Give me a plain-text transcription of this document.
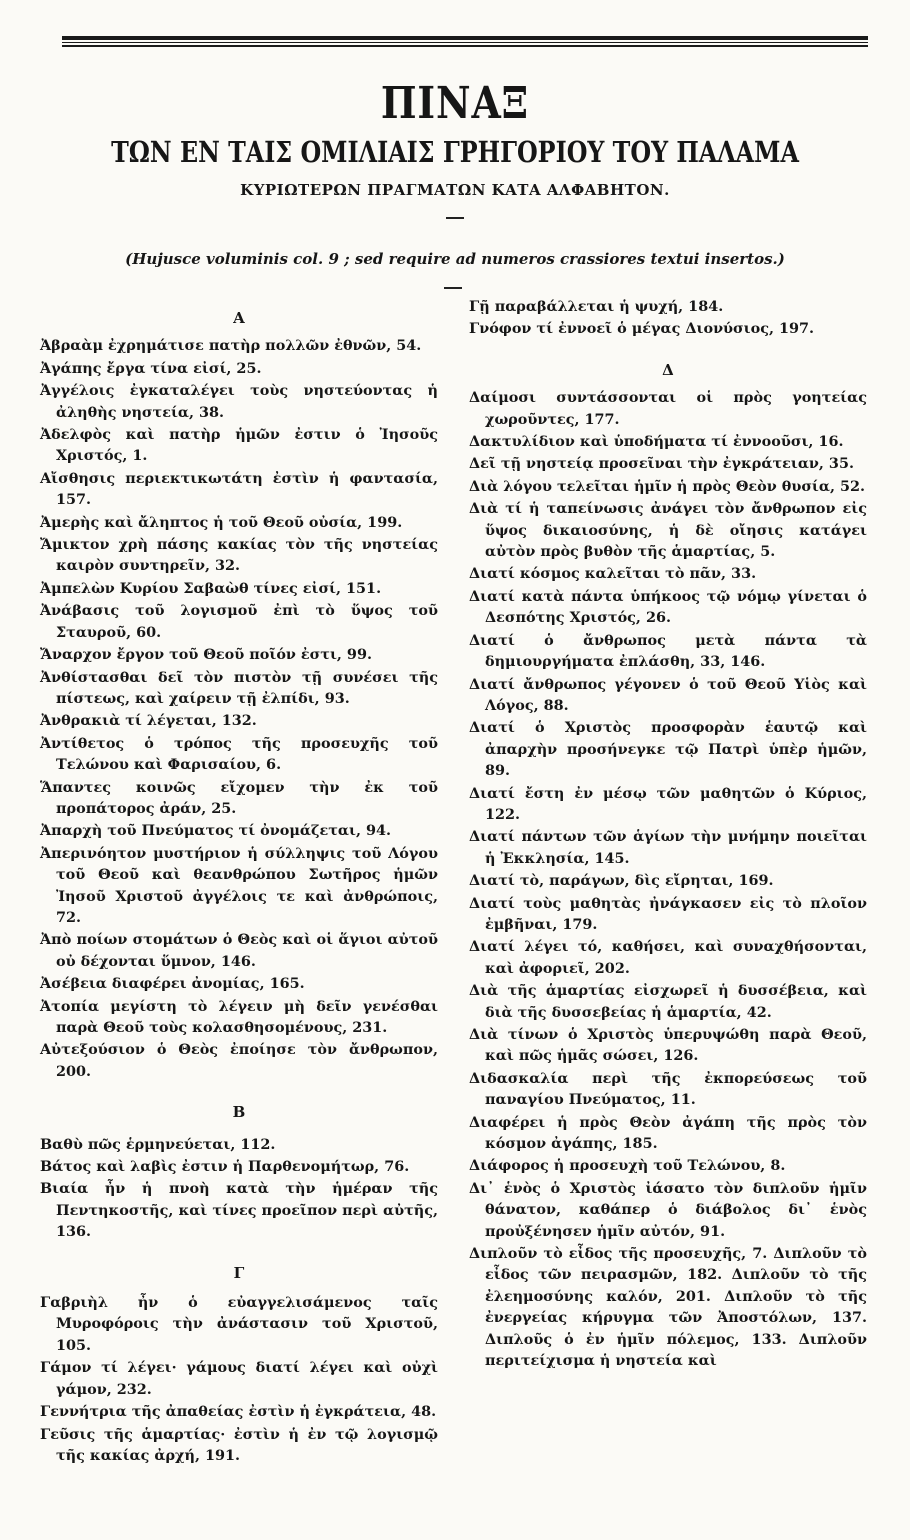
ΠΙΝΑΞ
ΤΩΝ ΕΝ ΤΑΙΣ ΟΜΙΛΙΑΙΣ ΓΡΗΓΟΡΙΟΥ ΤΟΥ ΠΑΛΑΜΑ
ΚΥΡΙΩΤΕΡΩΝ ΠΡΑΓΜΑΤΩΝ ΚΑΤΑ ΑΛΦΑΒΗΤΟΝ.
(Hujusce voluminis col. 9 ; sed require ad numeros crassiores textui insertos.)
Α

Ἀβραὰμ ἐχρημάτισε πατὴρ πολλῶν ἐθνῶν, 54.

Ἀγάπης ἔργα τίνα εἰσί, 25.

Ἀγγέλοις ἐγκαταλέγει τοὺς νηστεύοντας ἡ ἀληθὴς νηστεία, 38.

Ἀδελφὸς καὶ πατὴρ ἡμῶν ἐστιν ὁ Ἰησοῦς Χριστός, 1.

Αἴσθησις περιεκτικωτάτη ἐστὶν ἡ φαντασία, 157.

Ἀμερὴς καὶ ἄληπτος ἡ τοῦ Θεοῦ οὐσία, 199.

Ἄμικτον χρὴ πάσης κακίας τὸν τῆς νηστείας καιρὸν συντηρεῖν, 32.

Ἀμπελὼν Κυρίου Σαβαὼθ τίνες εἰσί, 151.

Ἀνάβασις τοῦ λογισμοῦ ἐπὶ τὸ ὕψος τοῦ Σταυροῦ, 60.

Ἄναρχον ἔργον τοῦ Θεοῦ ποῖόν ἐστι, 99.

Ἀνθίστασθαι δεῖ τὸν πιστὸν τῇ συνέσει τῆς πίστεως, καὶ χαίρειν τῇ ἐλπίδι, 93.

Ἀνθρακιὰ τί λέγεται, 132.

Ἀντίθετος ὁ τρόπος τῆς προσευχῆς τοῦ Τελώνου καὶ Φαρισαίου, 6.

Ἅπαντες κοινῶς εἴχομεν τὴν ἐκ τοῦ προπάτορος ἀράν, 25.

Ἀπαρχὴ τοῦ Πνεύματος τί ὀνομάζεται, 94.

Ἀπερινόητον μυστήριον ἡ σύλληψις τοῦ Λόγου τοῦ Θεοῦ καὶ θεανθρώπου Σωτῆρος ἡμῶν Ἰησοῦ Χριστοῦ ἀγγέλοις τε καὶ ἀνθρώποις, 72.

Ἀπὸ ποίων στομάτων ὁ Θεὸς καὶ οἱ ἅγιοι αὐτοῦ οὐ δέχονται ὕμνον, 146.

Ἀσέβεια διαφέρει ἀνομίας, 165.

Ἀτοπία μεγίστη τὸ λέγειν μὴ δεῖν γενέσθαι παρὰ Θεοῦ τοὺς κολασθησομένους, 231.

Αὐτεξούσιον ὁ Θεὸς ἐποίησε τὸν ἄνθρωπον, 200.

Β

Βαθὺ πῶς ἑρμηνεύεται, 112.

Βάτος καὶ λαβὶς ἐστιν ἡ Παρθενομήτωρ, 76.

Βιαία ἦν ἡ πνοὴ κατὰ τὴν ἡμέραν τῆς Πεντηκοστῆς, καὶ τίνες προεῖπον περὶ αὐτῆς, 136.

Γ

Γαβριὴλ ἦν ὁ εὐαγγελισάμενος ταῖς Μυροφόροις τὴν ἀνάστασιν τοῦ Χριστοῦ, 105.

Γάμον τί λέγει· γάμους διατί λέγει καὶ οὐχὶ γάμον, 232.

Γεννήτρια τῆς ἀπαθείας ἐστὶν ἡ ἐγκράτεια, 48.

Γεῦσις τῆς ἁμαρτίας· ἐστὶν ἡ ἐν τῷ λογισμῷ τῆς κακίας ἀρχή, 191.

Γῇ παραβάλλεται ἡ ψυχή, 184.

Γνόφον τί ἐννοεῖ ὁ μέγας Διονύσιος, 197.

Δ

Δαίμοσι συντάσσονται οἱ πρὸς γοητείας χωροῦντες, 177.

Δακτυλίδιον καὶ ὑποδήματα τί ἐννοοῦσι, 16.

Δεῖ τῇ νηστείᾳ προσεῖναι τὴν ἐγκράτειαν, 35.

Διὰ λόγου τελεῖται ἡμῖν ἡ πρὸς Θεὸν θυσία, 52.

Διὰ τί ἡ ταπείνωσις ἀνάγει τὸν ἄνθρωπον εἰς ὕψος δικαιοσύνης, ἡ δὲ οἴησις κατάγει αὐτὸν πρὸς βυθὸν τῆς ἁμαρτίας, 5.

Διατί κόσμος καλεῖται τὸ πᾶν, 33.

Διατί κατὰ πάντα ὑπήκοος τῷ νόμῳ γίνεται ὁ Δεσπότης Χριστός, 26.

Διατί ὁ ἄνθρωπος μετὰ πάντα τὰ δημιουργήματα ἐπλάσθη, 33, 146.

Διατί ἄνθρωπος γέγονεν ὁ τοῦ Θεοῦ Υἱὸς καὶ Λόγος, 88.

Διατί ὁ Χριστὸς προσφορὰν ἑαυτῷ καὶ ἀπαρχὴν προσήνεγκε τῷ Πατρὶ ὑπὲρ ἡμῶν, 89.

Διατί ἔστη ἐν μέσῳ τῶν μαθητῶν ὁ Κύριος, 122.

Διατί πάντων τῶν ἁγίων τὴν μνήμην ποιεῖται ἡ Ἐκκλησία, 145.

Διατί τὸ, παράγων, δὶς εἴρηται, 169.

Διατί τοὺς μαθητὰς ἠνάγκασεν εἰς τὸ πλοῖον ἐμβῆναι, 179.

Διατί λέγει τό, καθήσει, καὶ συναχθήσονται, καὶ ἀφοριεῖ, 202.

Διὰ τῆς ἁμαρτίας εἰσχωρεῖ ἡ δυσσέβεια, καὶ διὰ τῆς δυσσεβείας ἡ ἁμαρτία, 42.

Διὰ τίνων ὁ Χριστὸς ὑπερυψώθη παρὰ Θεοῦ, καὶ πῶς ἡμᾶς σώσει, 126.

Διδασκαλία περὶ τῆς ἐκπορεύσεως τοῦ παναγίου Πνεύματος, 11.

Διαφέρει ἡ πρὸς Θεὸν ἀγάπη τῆς πρὸς τὸν κόσμον ἀγάπης, 185.

Διάφορος ἡ προσευχὴ τοῦ Τελώνου, 8.

Δι᾿ ἑνὸς ὁ Χριστὸς ἰάσατο τὸν διπλοῦν ἡμῖν θάνατον, καθάπερ ὁ διάβολος δι᾿ ἑνὸς προὐξένησεν ἡμῖν αὐτόν, 91.

Διπλοῦν τὸ εἶδος τῆς προσευχῆς, 7. Διπλοῦν τὸ εἶδος τῶν πειρασμῶν, 182. Διπλοῦν τὸ τῆς ἐλεημοσύνης καλόν, 201. Διπλοῦν τὸ τῆς ἐνεργείας κήρυγμα τῶν Ἀποστόλων, 137. Διπλοῦς ὁ ἐν ἡμῖν πόλεμος, 133. Διπλοῦν περιτείχισμα ἡ νηστεία καὶ
